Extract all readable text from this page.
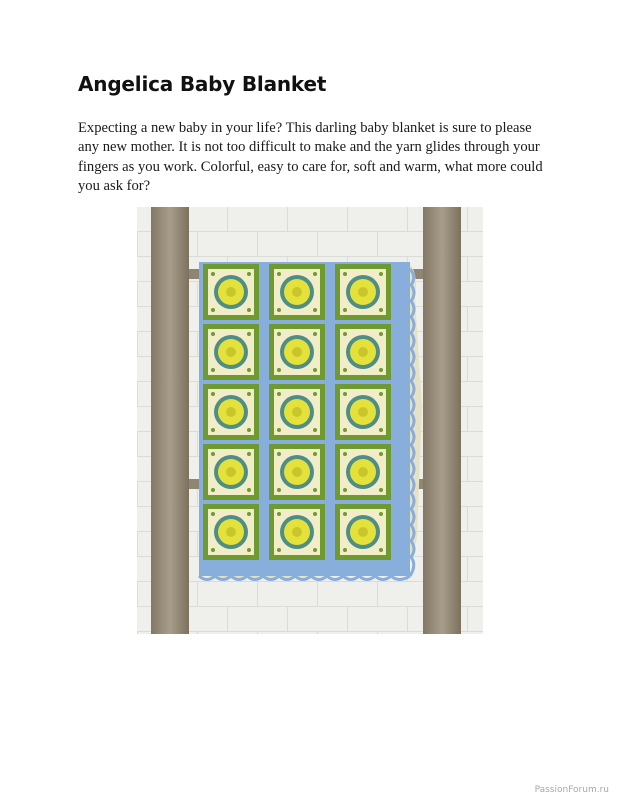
Angelica Baby Blanket

Expecting a new baby in your life? This darling baby blanket is sure to please any new mother. It is not too difficult to make and the yarn glides through your fingers as you work. Colorful, easy to care for, soft and warm, what more could you ask for?

PassionForum.ru
